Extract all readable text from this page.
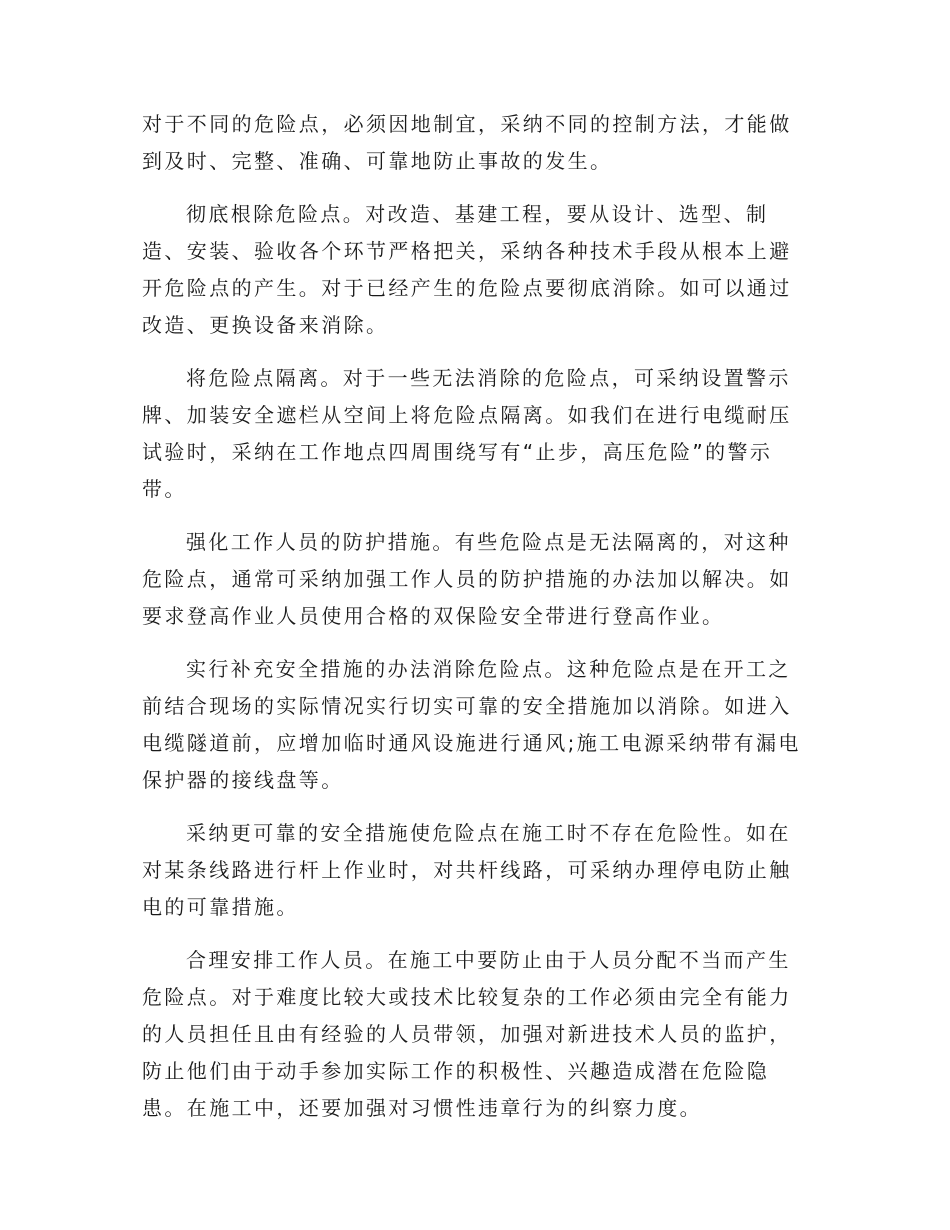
对于不同的危险点，必须因地制宜，采纳不同的控制方法，才能做到及时、完整、准确、可靠地防止事故的发生。

彻底根除危险点。对改造、基建工程，要从设计、选型、制造、安装、验收各个环节严格把关，采纳各种技术手段从根本上避开危险点的产生。对于已经产生的危险点要彻底消除。如可以通过改造、更换设备来消除。

将危险点隔离。对于一些无法消除的危险点，可采纳设置警示牌、加装安全遮栏从空间上将危险点隔离。如我们在进行电缆耐压试验时，采纳在工作地点四周围绕写有“止步，高压危险”的警示带。

强化工作人员的防护措施。有些危险点是无法隔离的，对这种危险点，通常可采纳加强工作人员的防护措施的办法加以解决。如要求登高作业人员使用合格的双保险安全带进行登高作业。

实行补充安全措施的办法消除危险点。这种危险点是在开工之前结合现场的实际情况实行切实可靠的安全措施加以消除。如进入电缆隧道前，应增加临时通风设施进行通风;施工电源采纳带有漏电保护器的接线盘等。

采纳更可靠的安全措施使危险点在施工时不存在危险性。如在对某条线路进行杆上作业时，对共杆线路，可采纳办理停电防止触电的可靠措施。

合理安排工作人员。在施工中要防止由于人员分配不当而产生危险点。对于难度比较大或技术比较复杂的工作必须由完全有能力的人员担任且由有经验的人员带领，加强对新进技术人员的监护，防止他们由于动手参加实际工作的积极性、兴趣造成潜在危险隐患。在施工中，还要加强对习惯性违章行为的纠察力度。
